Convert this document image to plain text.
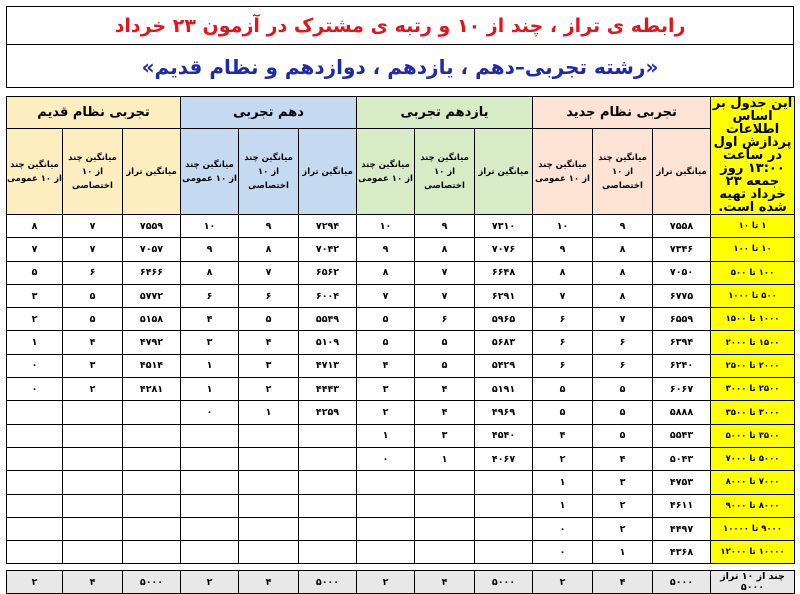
رابطه ی تراز ، چند از ۱۰ و رتبه ی مشترک در آزمون ۲۳ خرداد
«رشته تجربی–دهم ، یازدهم ، دوازدهم و نظام قدیم»
این جدول بر اساس اطلاعات پردازش اول در ساعت ۱۳:۰۰ روز جمعه ۲۳ خرداد تهیه شده است.	تجربی نظام جدید			یازدهم تجربی			دهم تجربی			تجربی نظام قدیم		
	میانگین تراز	میانگین چند از ۱۰ اختصاصی	میانگین چند از ۱۰ عمومی	میانگین تراز	میانگین چند از ۱۰ اختصاصی	میانگین چند از ۱۰ عمومی	میانگین تراز	میانگین چند از ۱۰ اختصاصی	میانگین چند از ۱۰ عمومی	میانگین تراز	میانگین چند از ۱۰ اختصاصی	میانگین چند از ۱۰ عمومی
۱ تا ۱۰	۷۵۵۸	۹	۱۰	۷۳۱۰	۹	۱۰	۷۲۹۴	۹	۱۰	۷۵۵۹	۷	۸
۱۰ تا ۱۰۰	۷۳۴۶	۸	۹	۷۰۷۶	۸	۹	۷۰۴۲	۸	۹	۷۰۵۷	۷	۷
۱۰۰ تا ۵۰۰	۷۰۵۰	۸	۸	۶۶۴۸	۷	۸	۶۵۶۲	۷	۸	۶۴۶۶	۶	۵
۵۰۰ تا ۱۰۰۰	۶۷۷۵	۸	۷	۶۲۹۱	۷	۷	۶۰۰۴	۶	۶	۵۷۷۲	۵	۳
۱۰۰۰ تا ۱۵۰۰	۶۵۵۹	۷	۶	۵۹۶۵	۶	۵	۵۵۴۹	۵	۴	۵۱۵۸	۵	۲
۱۵۰۰ تا ۲۰۰۰	۶۳۹۴	۶	۶	۵۶۸۳	۵	۵	۵۱۰۹	۴	۳	۴۷۹۲	۴	۱
۲۰۰۰ تا ۲۵۰۰	۶۲۴۰	۶	۶	۵۴۲۹	۵	۴	۴۷۱۳	۳	۱	۴۵۱۴	۳	۰
۲۵۰۰ تا ۳۰۰۰	۶۰۶۷	۵	۵	۵۱۹۱	۴	۳	۴۴۴۳	۲	۱	۴۲۸۱	۲	۰
۳۰۰۰ تا ۳۵۰۰	۵۸۸۸	۵	۵	۴۹۶۹	۴	۲	۴۲۵۹	۱	۰			
۳۵۰۰ تا ۵۰۰۰	۵۵۴۳	۵	۴	۴۵۴۰	۳	۱						
۵۰۰۰ تا ۷۰۰۰	۵۰۴۳	۴	۲	۴۰۶۷	۱	۰						
۷۰۰۰ تا ۸۰۰۰	۴۷۵۳	۳	۱									
۸۰۰۰ تا ۹۰۰۰	۴۶۱۱	۲	۱									
۹۰۰۰ تا ۱۰۰۰۰	۴۴۹۷	۲	۰									
۱۰۰۰۰ تا ۱۲۰۰۰	۴۳۶۸	۱	۰									

چند از ۱۰ تراز ۵۰۰۰	۵۰۰۰	۴	۲	۵۰۰۰	۴	۲	۵۰۰۰	۴	۲	۵۰۰۰	۴	۲
